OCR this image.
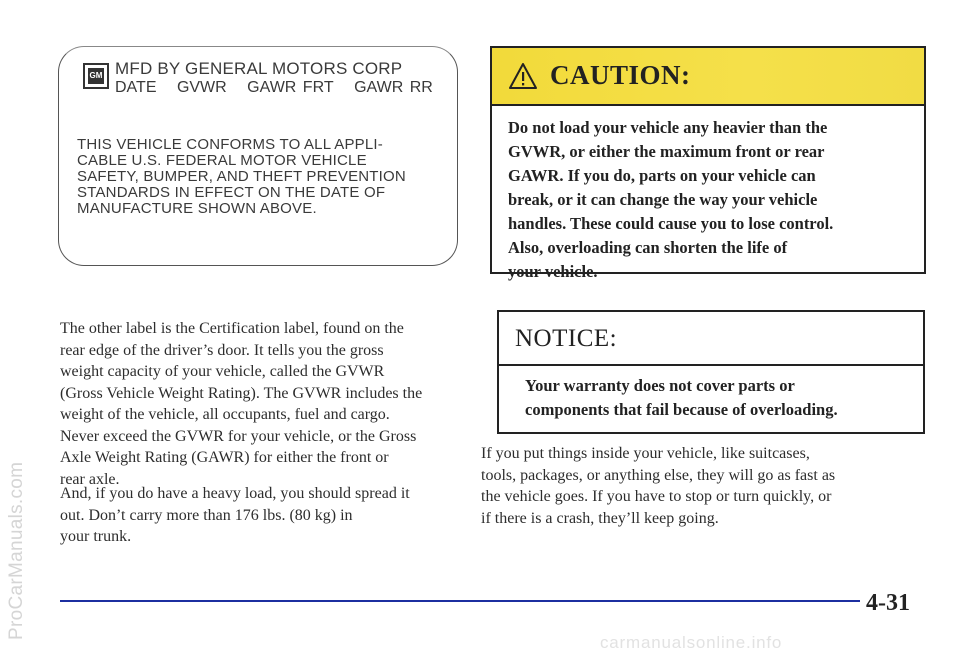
ProCarManuals.com
GM MFD BY GENERAL MOTORS CORP
DATE GVWR GAWR FRT GAWR RR
THIS VEHICLE CONFORMS TO ALL APPLI-
CABLE U.S. FEDERAL MOTOR VEHICLE
SAFETY, BUMPER, AND THEFT PREVENTION
STANDARDS IN EFFECT ON THE DATE OF
MANUFACTURE SHOWN ABOVE.
The other label is the Certification label, found on the
rear edge of the driver’s door. It tells you the gross
weight capacity of your vehicle, called the GVWR
(Gross Vehicle Weight Rating). The GVWR includes the
weight of the vehicle, all occupants, fuel and cargo.
Never exceed the GVWR for your vehicle, or the Gross
Axle Weight Rating (GAWR) for either the front or
rear axle.
And, if you do have a heavy load, you should spread it
out. Don’t carry more than 176 lbs. (80 kg) in
your trunk.
CAUTION:
Do not load your vehicle any heavier than the
GVWR, or either the maximum front or rear
GAWR. If you do, parts on your vehicle can
break, or it can change the way your vehicle
handles. These could cause you to lose control.
Also, overloading can shorten the life of
your vehicle.
NOTICE:
Your warranty does not cover parts or
components that fail because of overloading.
If you put things inside your vehicle, like suitcases,
tools, packages, or anything else, they will go as fast as
the vehicle goes. If you have to stop or turn quickly, or
if there is a crash, they’ll keep going.
4-31
carmanualsonline.info
